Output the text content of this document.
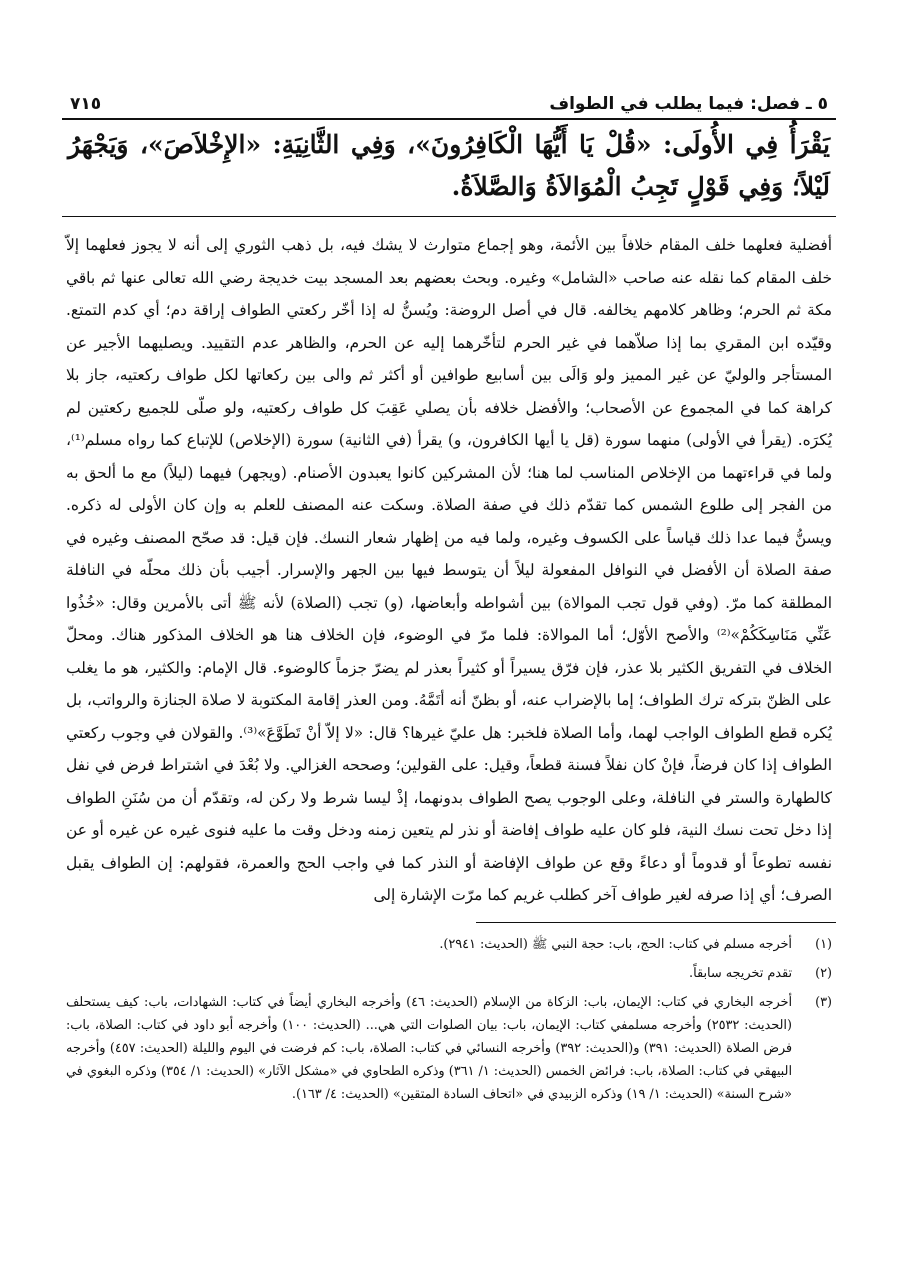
٥ ـ فصل: فيما يطلب في الطواف
٧١٥
يَقْرَأُ فِي الأُولَى: «قُلْ يَا أَيُّهَا الْكَافِرُونَ»، وَفِي الثَّانِيَةِ: «الإِخْلاَصَ»، وَيَجْهَرُ لَيْلاً؛ وَفِي قَوْلٍ تَجِبُ الْمُوَالاَةُ وَالصَّلاَةُ.
أفضلية فعلهما خلف المقام خلافاً بين الأئمة، وهو إجماع متوارث لا يشك فيه، بل ذهب الثوري إلى أنه لا يجوز فعلهما إلاّ خلف المقام كما نقله عنه صاحب «الشامل» وغيره. وبحث بعضهم بعد المسجد بيت خديجة رضي الله تعالى عنها ثم باقي مكة ثم الحرم؛ وظاهر كلامهم يخالفه. قال في أصل الروضة: ويُسنُّ له إذا أخّر ركعتي الطواف إراقة دم؛ أي كدم التمتع. وقيّده ابن المقري بما إذا صلاّهما في غير الحرم لتأخّرهما إليه عن الحرم، والظاهر عدم التقييد. ويصليهما الأجير عن المستأجر والوليّ عن غير المميز ولو وَالَى بين أسابيع طوافين أو أكثر ثم والى بين ركعاتها لكل طواف ركعتيه، جاز بلا كراهة كما في المجموع عن الأصحاب؛ والأفضل خلافه بأن يصلي عَقِبَ كل طواف ركعتيه، ولو صلّى للجميع ركعتين لم يُكرَه. (يقرأ في الأولى) منهما سورة (قل يا أيها الكافرون، و) يقرأ (في الثانية) سورة (الإخلاص) للإتباع كما رواه مسلم⁽¹⁾، ولما في قراءتهما من الإخلاص المناسب لما هنا؛ لأن المشركين كانوا يعبدون الأصنام. (ويجهر) فيهما (ليلاً) مع ما ألحق به من الفجر إلى طلوع الشمس كما تقدّم ذلك في صفة الصلاة. وسكت عنه المصنف للعلم به وإن كان الأولى له ذكره. ويسنُّ فيما عدا ذلك قياساً على الكسوف وغيره، ولما فيه من إظهار شعار النسك. فإن قيل: قد صحّح المصنف وغيره في صفة الصلاة أن الأفضل في النوافل المفعولة ليلاً أن يتوسط فيها بين الجهر والإسرار. أجيب بأن ذلك محلّه في النافلة المطلقة كما مرّ. (وفي قول تجب الموالاة) بين أشواطه وأبعاضها، (و) تجب (الصلاة) لأنه ﷺ أتى بالأمرين وقال: «خُذُوا عَنِّي مَنَاسِكَكُمْ»⁽²⁾ والأصح الأوّل؛ أما الموالاة: فلما مرّ في الوضوء، فإن الخلاف هنا هو الخلاف المذكور هناك. ومحلّ الخلاف في التفريق الكثير بلا عذر، فإن فرّق يسيراً أو كثيراً بعذر لم يضرّ جزماً كالوضوء. قال الإمام: والكثير، هو ما يغلب على الظنّ بتركه ترك الطواف؛ إما بالإضراب عنه، أو بظنّ أنه أتَمَّهُ. ومن العذر إقامة المكتوبة لا صلاة الجنازة والرواتب، بل يُكره قطع الطواف الواجب لهما، وأما الصلاة فلخبر: هل عليّ غيرها؟ قال: «لا إلاّ أنْ تَطَوَّعَ»⁽³⁾. والقولان في وجوب ركعتي الطواف إذا كان فرضاً، فإنْ كان نفلاً فسنة قطعاً، وقيل: على القولين؛ وصححه الغزالي. ولا بُعْدَ في اشتراط فرض في نفل كالطهارة والستر في النافلة، وعلى الوجوب يصح الطواف بدونهما، إذْ ليسا شرط ولا ركن له، وتقدّم أن من سُنَنِ الطواف إذا دخل تحت نسك النية، فلو كان عليه طواف إفاضة أو نذر لم يتعين زمنه ودخل وقت ما عليه فنوى غيره عن غيره أو عن نفسه تطوعاً أو قدوماً أو دعاءً وقع عن طواف الإفاضة أو النذر كما في واجب الحج والعمرة، فقولهم: إن الطواف يقبل الصرف؛ أي إذا صرفه لغير طواف آخر كطلب غريم كما مرّت الإشارة إلى
(١)
أخرجه مسلم في كتاب: الحج، باب: حجة النبي ﷺ (الحديث: ٢٩٤١).
(٢)
تقدم تخريجه سابقاً.
(٣)
أخرجه البخاري في كتاب: الإيمان، باب: الزكاة من الإسلام (الحديث: ٤٦) وأخرجه البخاري أيضاً في كتاب: الشهادات، باب: كيف يستحلف (الحديث: ٢٥٣٢) وأخرجه مسلمفي كتاب: الإيمان، باب: بيان الصلوات التي هي... (الحديث: ١٠٠) وأخرجه أبو داود في كتاب: الصلاة، باب: فرض الصلاة (الحديث: ٣٩١) و(الحديث: ٣٩٢) وأخرجه النسائي في كتاب: الصلاة، باب: كم فرضت في اليوم والليلة (الحديث: ٤٥٧) وأخرجه البيهقي في كتاب: الصلاة، باب: فرائض الخمس (الحديث: ١/ ٣٦١) وذكره الطحاوي في «مشكل الآثار» (الحديث: ١/ ٣٥٤) وذكره البغوي في «شرح السنة» (الحديث: ١/ ١٩) وذكره الزبيدي في «اتحاف السادة المتقين» (الحديث: ٤/ ١٦٣).
